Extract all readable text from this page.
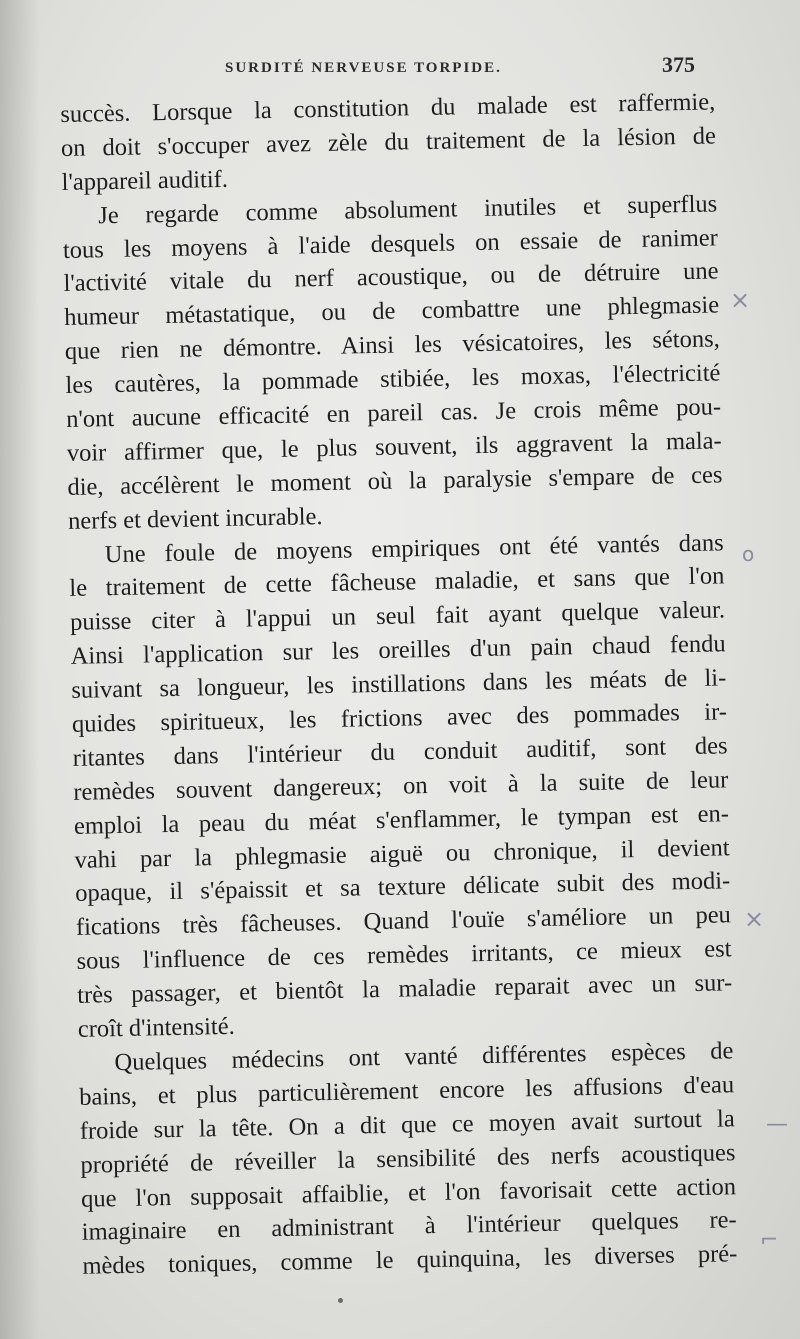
SURDITÉ NERVEUSE TORPIDE.	375
succès. Lorsque la constitution du malade est raffermie,
on doit s'occuper avez zèle du traitement de la lésion de
l'appareil auditif.
Je regarde comme absolument inutiles et superflus
tous les moyens à l'aide desquels on essaie de ranimer
l'activité vitale du nerf acoustique, ou de détruire une
humeur métastatique, ou de combattre une phlegmasie
que rien ne démontre. Ainsi les vésicatoires, les sétons,
les cautères, la pommade stibiée, les moxas, l'électricité
n'ont aucune efficacité en pareil cas. Je crois même pou-
voir affirmer que, le plus souvent, ils aggravent la mala-
die, accélèrent le moment où la paralysie s'empare de ces
nerfs et devient incurable.
Une foule de moyens empiriques ont été vantés dans
le traitement de cette fâcheuse maladie, et sans que l'on
puisse citer à l'appui un seul fait ayant quelque valeur.
Ainsi l'application sur les oreilles d'un pain chaud fendu
suivant sa longueur, les instillations dans les méats de li-
quides spiritueux, les frictions avec des pommades ir-
ritantes dans l'intérieur du conduit auditif, sont des
remèdes souvent dangereux; on voit à la suite de leur
emploi la peau du méat s'enflammer, le tympan est en-
vahi par la phlegmasie aiguë ou chronique, il devient
opaque, il s'épaissit et sa texture délicate subit des modi-
fications très fâcheuses. Quand l'ouïe s'améliore un peu
sous l'influence de ces remèdes irritants, ce mieux est
très passager, et bientôt la maladie reparait avec un sur-
croît d'intensité.
Quelques médecins ont vanté différentes espèces de
bains, et plus particulièrement encore les affusions d'eau
froide sur la tête. On a dit que ce moyen avait surtout la
propriété de réveiller la sensibilité des nerfs acoustiques
que l'on supposait affaiblie, et l'on favorisait cette action
imaginaire en administrant à l'intérieur quelques re-
mèdes toniques, comme le quinquina, les diverses pré-
×
o
×
—
⌐
